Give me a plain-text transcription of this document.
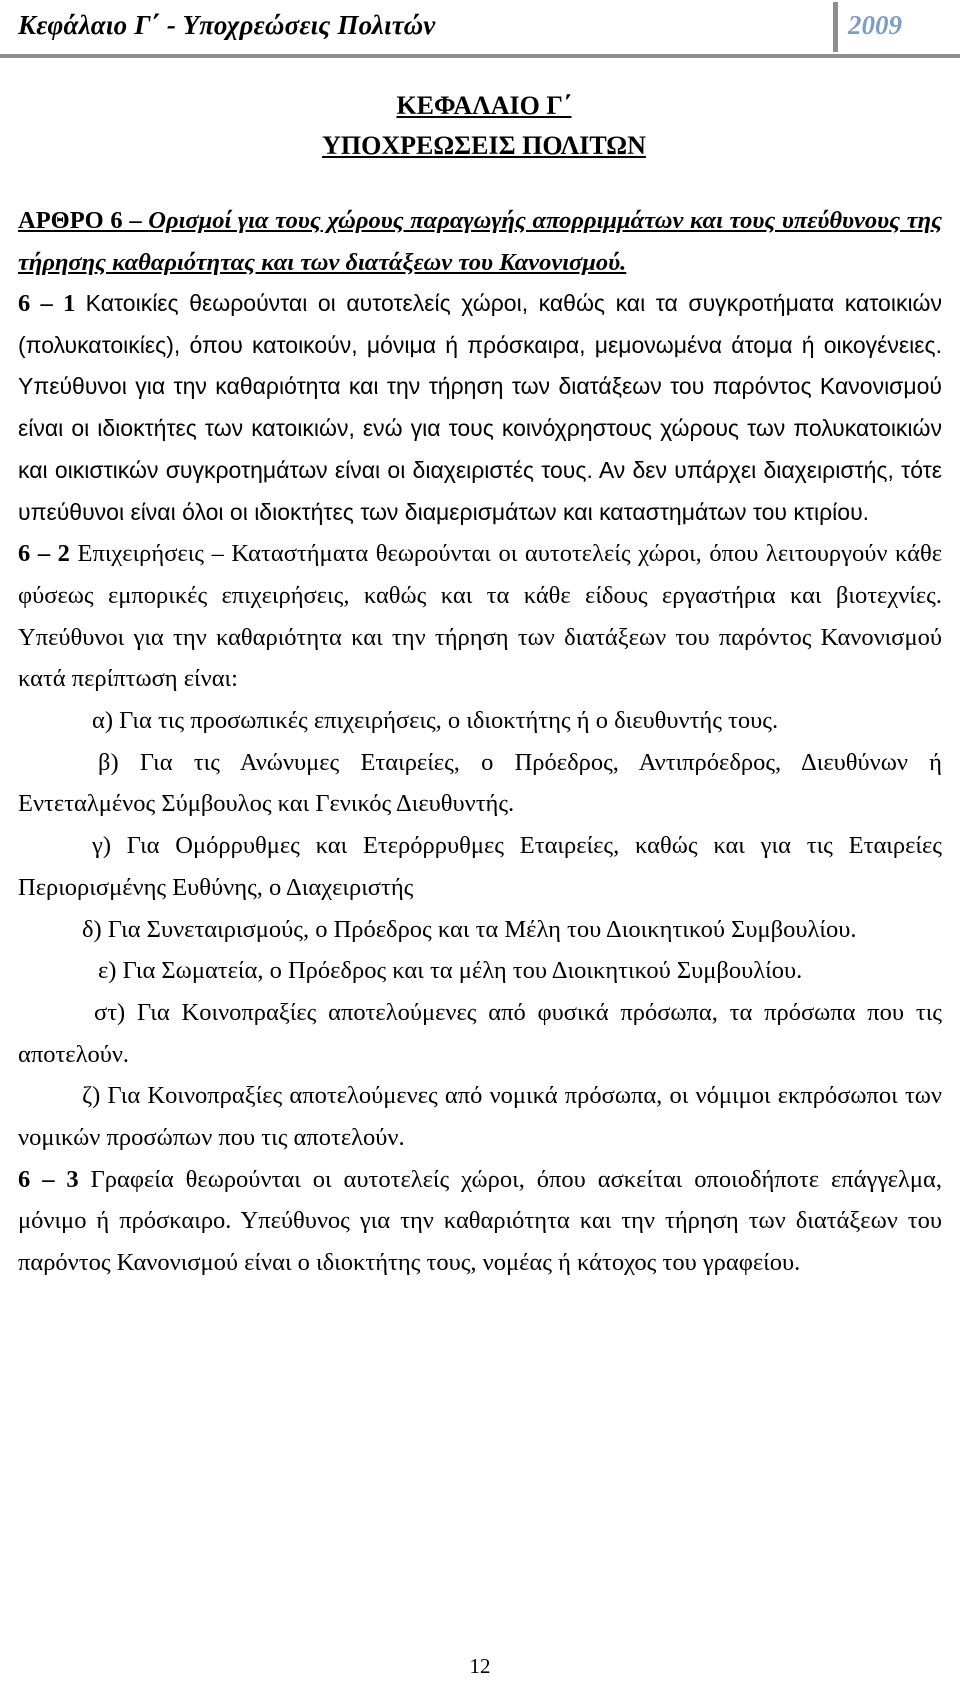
Κεφάλαιο Γ΄ - Υποχρεώσεις Πολιτών	2009
ΚΕΦΑΛΑΙΟ Γ΄
ΥΠΟΧΡΕΩΣΕΙΣ ΠΟΛΙΤΩΝ
ΑΡΘΡΟ 6 – Ορισμοί για τους χώρους παραγωγής απορριμμάτων και τους υπεύθυνους της τήρησης καθαριότητας και των διατάξεων του Κανονισμού.

6 – 1 Κατοικίες θεωρούνται οι αυτοτελείς χώροι, καθώς και τα συγκροτήματα κατοικιών (πολυκατοικίες), όπου κατοικούν, μόνιμα ή πρόσκαιρα, μεμονωμένα άτομα ή οικογένειες. Υπεύθυνοι για την καθαριότητα και την τήρηση των διατάξεων του παρόντος Κανονισμού είναι οι ιδιοκτήτες των κατοικιών, ενώ για τους κοινόχρηστους χώρους των πολυκατοικιών και οικιστικών συγκροτημάτων είναι οι διαχειριστές τους. Αν δεν υπάρχει διαχειριστής, τότε υπεύθυνοι είναι όλοι οι ιδιοκτήτες των διαμερισμάτων και καταστημάτων του κτιρίου.

6 – 2 Επιχειρήσεις – Καταστήματα θεωρούνται οι αυτοτελείς χώροι, όπου λειτουργούν κάθε φύσεως εμπορικές επιχειρήσεις, καθώς και τα κάθε είδους εργαστήρια και βιοτεχνίες. Υπεύθυνοι για την καθαριότητα και την τήρηση των διατάξεων του παρόντος Κανονισμού κατά περίπτωση είναι:

α) Για τις προσωπικές επιχειρήσεις, ο ιδιοκτήτης ή ο διευθυντής τους.

β) Για τις Ανώνυμες Εταιρείες, ο Πρόεδρος, Αντιπρόεδρος, Διευθύνων ή Εντεταλμένος Σύμβουλος και Γενικός Διευθυντής.

γ) Για Ομόρρυθμες και Ετερόρρυθμες Εταιρείες, καθώς και για τις Εταιρείες Περιορισμένης Ευθύνης, ο Διαχειριστής

δ) Για Συνεταιρισμούς, ο Πρόεδρος και τα Μέλη του Διοικητικού Συμβουλίου.

ε) Για Σωματεία, ο Πρόεδρος και τα μέλη του Διοικητικού Συμβουλίου.

στ) Για Κοινοπραξίες αποτελούμενες από φυσικά πρόσωπα, τα πρόσωπα που τις αποτελούν.

ζ) Για Κοινοπραξίες αποτελούμενες από νομικά πρόσωπα, οι νόμιμοι εκπρόσωποι των νομικών προσώπων που τις αποτελούν.

6 – 3 Γραφεία θεωρούνται οι αυτοτελείς χώροι, όπου ασκείται οποιοδήποτε επάγγελμα, μόνιμο ή πρόσκαιρο. Υπεύθυνος για την καθαριότητα και την τήρηση των διατάξεων του παρόντος Κανονισμού είναι ο ιδιοκτήτης τους, νομέας ή κάτοχος του γραφείου.

12
